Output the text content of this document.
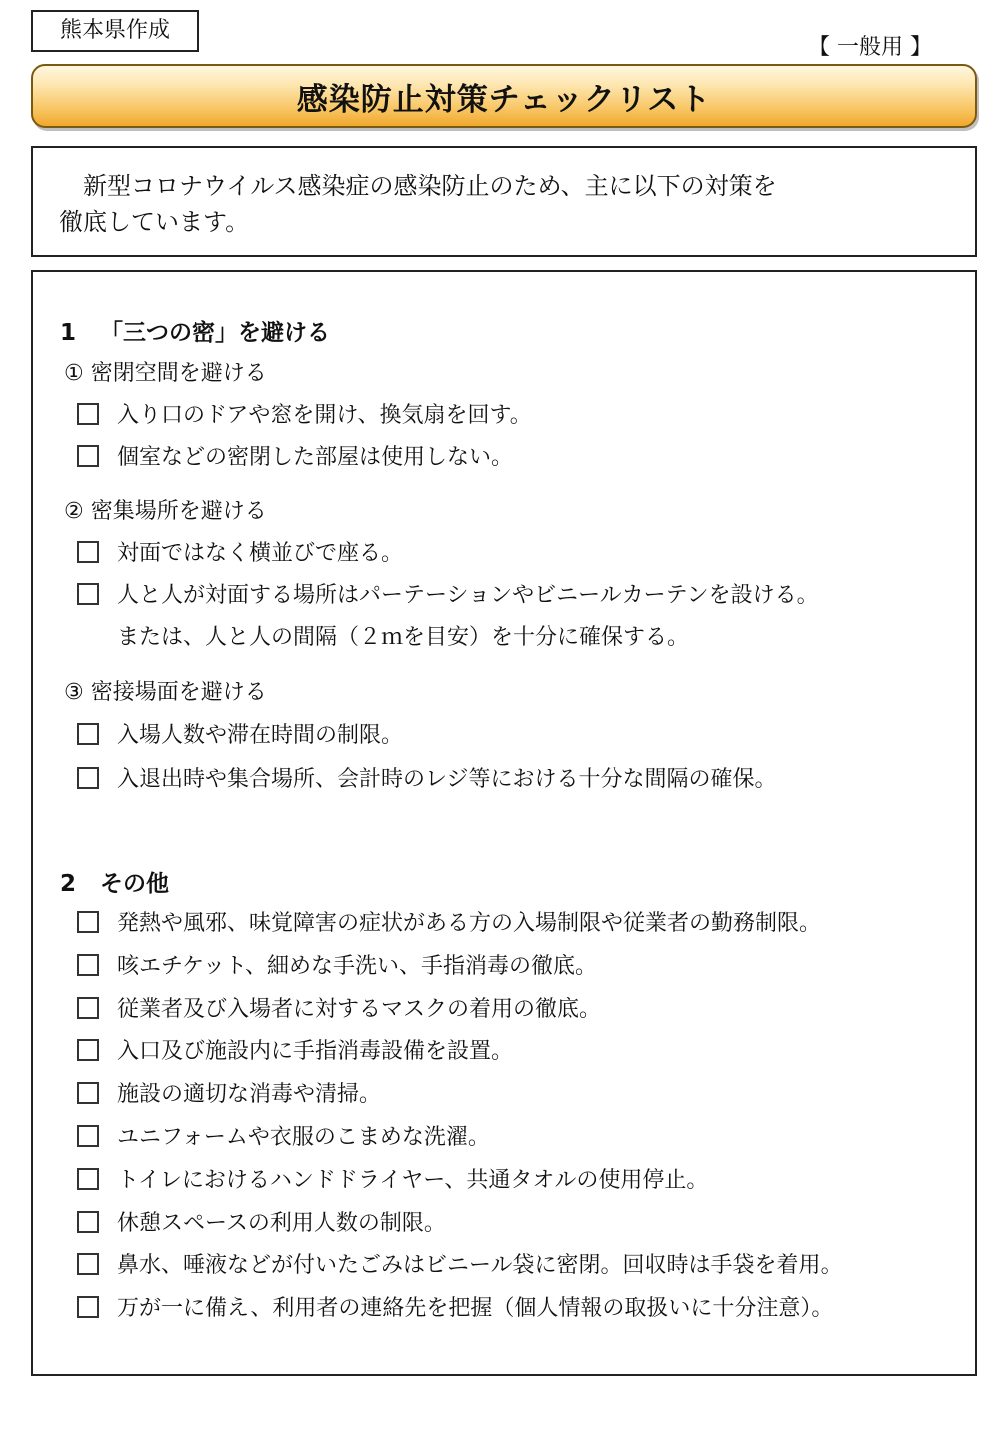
熊本県作成
【 一般用 】
感染防止対策チェックリスト
新型コロナウイルス感染症の感染防止のため、主に以下の対策を
徹底しています。
1 「三つの密」を避ける
① 密閉空間を避ける
入り口のドアや窓を開け、換気扇を回す。
個室などの密閉した部屋は使用しない。
② 密集場所を避ける
対面ではなく横並びで座る。
人と人が対面する場所はパーテーションやビニールカーテンを設ける。
または、人と人の間隔（２ｍを目安）を十分に確保する。
③ 密接場面を避ける
入場人数や滞在時間の制限。
入退出時や集合場所、会計時のレジ等における十分な間隔の確保。
2 その他
発熱や風邪、味覚障害の症状がある方の入場制限や従業者の勤務制限。
咳エチケット、細めな手洗い、手指消毒の徹底。
従業者及び入場者に対するマスクの着用の徹底。
入口及び施設内に手指消毒設備を設置。
施設の適切な消毒や清掃。
ユニフォームや衣服のこまめな洗濯。
トイレにおけるハンドドライヤー、共通タオルの使用停止。
休憩スペースの利用人数の制限。
鼻水、唾液などが付いたごみはビニール袋に密閉。回収時は手袋を着用。
万が一に備え、利用者の連絡先を把握（個人情報の取扱いに十分注意）。
